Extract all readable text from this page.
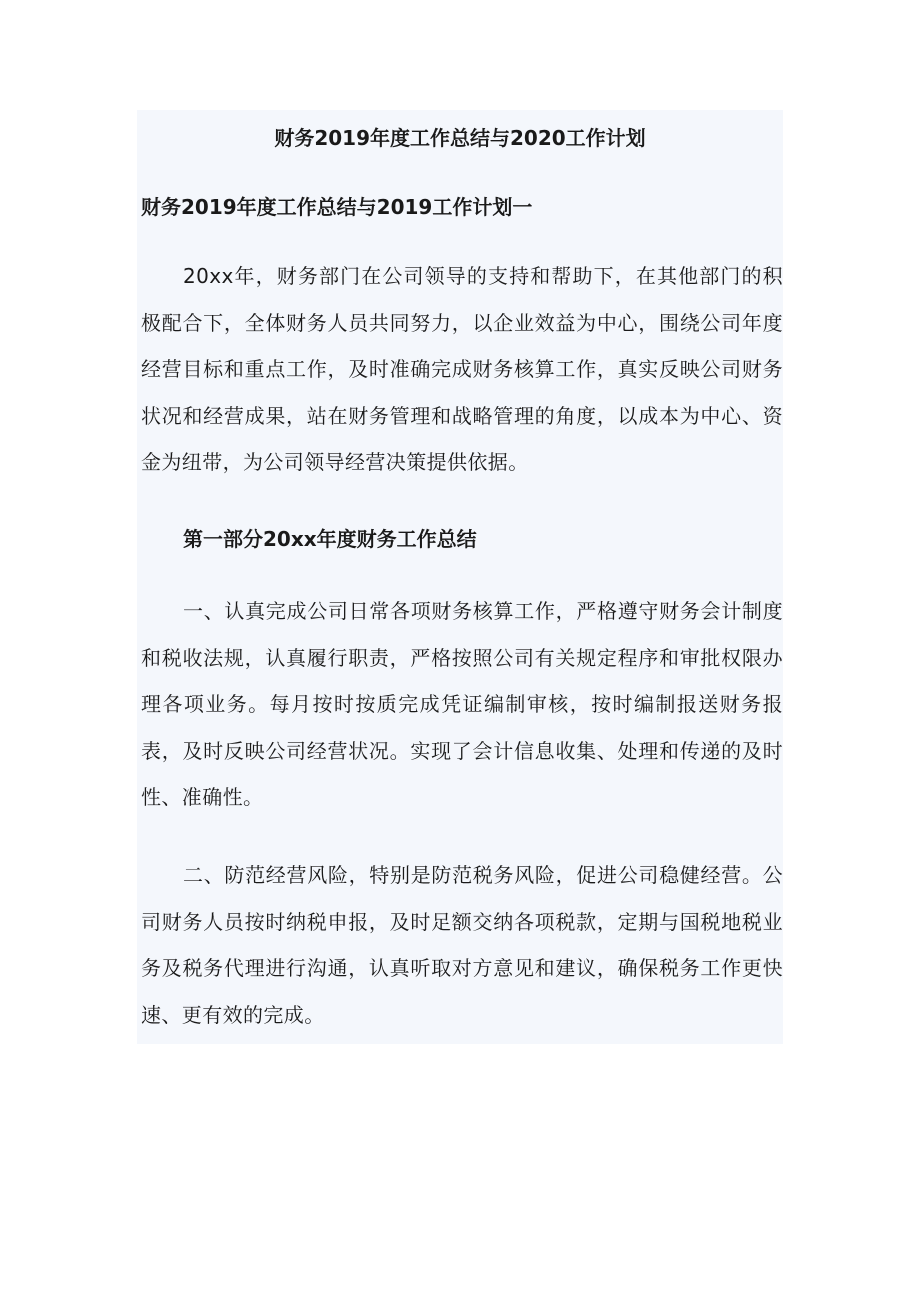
财务2019年度工作总结与2020工作计划
财务2019年度工作总结与2019工作计划一

20xx年，财务部门在公司领导的支持和帮助下，在其他部门的积极配合下，全体财务人员共同努力，以企业效益为中心，围绕公司年度经营目标和重点工作，及时准确完成财务核算工作，真实反映公司财务状况和经营成果，站在财务管理和战略管理的角度，以成本为中心、资金为纽带，为公司领导经营决策提供依据。

第一部分20xx年度财务工作总结

一、认真完成公司日常各项财务核算工作，严格遵守财务会计制度和税收法规，认真履行职责，严格按照公司有关规定程序和审批权限办理各项业务。每月按时按质完成凭证编制审核，按时编制报送财务报表，及时反映公司经营状况。实现了会计信息收集、处理和传递的及时性、准确性。

二、防范经营风险，特别是防范税务风险，促进公司稳健经营。公司财务人员按时纳税申报，及时足额交纳各项税款，定期与国税地税业务及税务代理进行沟通，认真听取对方意见和建议，确保税务工作更快速、更有效的完成。
